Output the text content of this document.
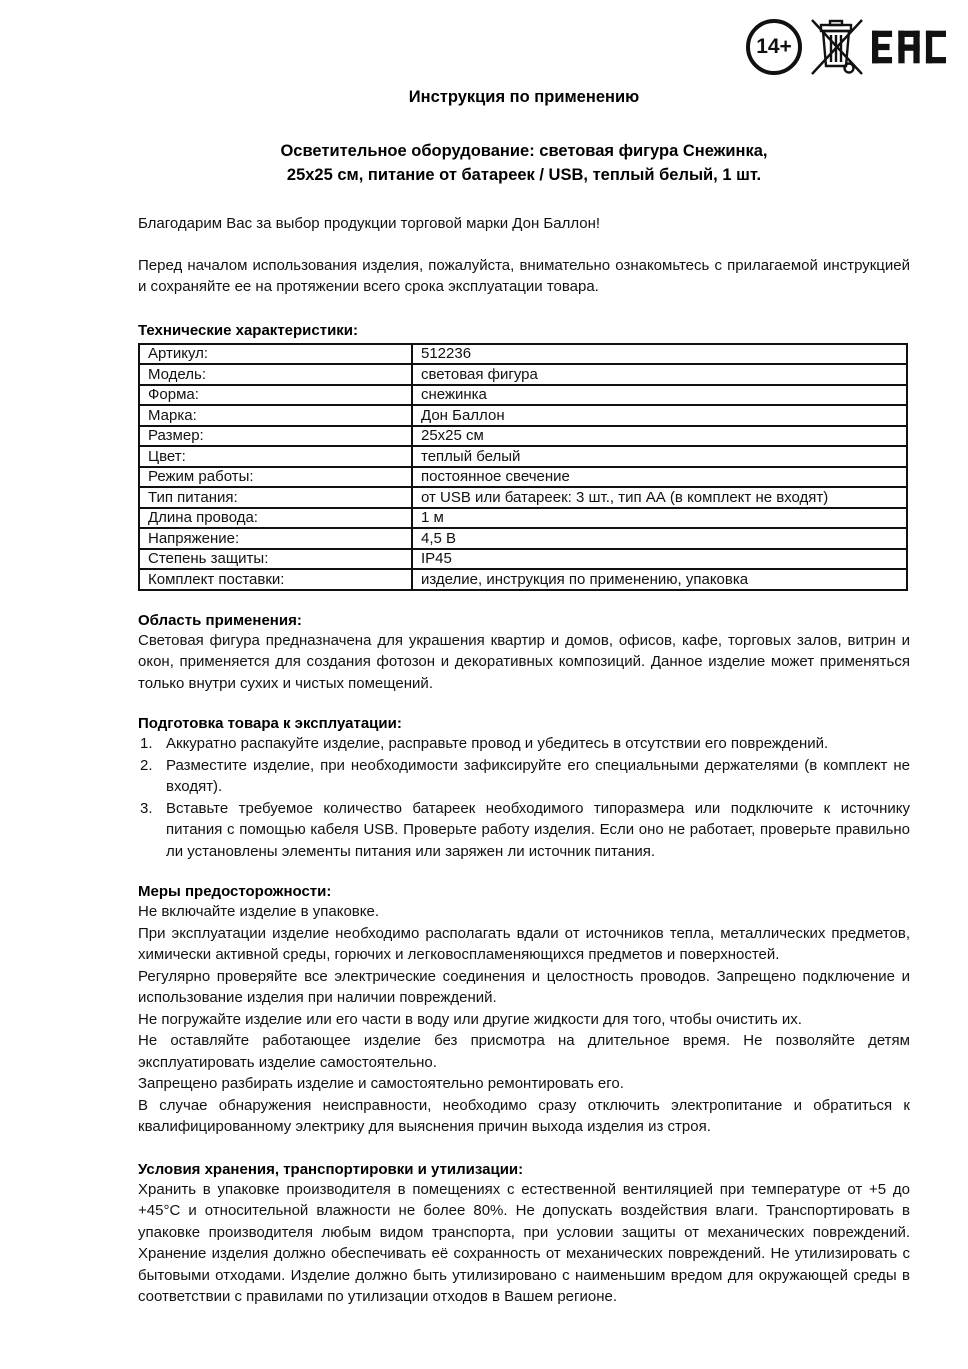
14+
Инструкция по применению
Осветительное оборудование: световая фигура Снежинка,
25х25 см, питание от батареек / USB, теплый белый, 1 шт.

Благодарим Вас за выбор продукции торговой марки Дон Баллон!

Перед началом использования изделия, пожалуйста, внимательно ознакомьтесь с прилагаемой инструкцией и сохраняйте ее на протяжении всего срока эксплуатации товара.

Технические характеристики:
Артикул:	512236
Модель:	световая фигура
Форма:	снежинка
Марка:	Дон Баллон
Размер:	25х25 см
Цвет:	теплый белый
Режим работы:	постоянное свечение
Тип питания:	от USB или батареек: 3 шт., тип АА (в комплект не входят)
Длина провода:	1 м
Напряжение:	4,5 В
Степень защиты:	IP45
Комплект поставки:	изделие, инструкция по применению, упаковка
Область применения:

Световая фигура предназначена для украшения квартир и домов, офисов, кафе, торговых залов, витрин и окон, применяется для создания фотозон и декоративных композиций. Данное изделие может применяться только внутри сухих и чистых помещений.

Подготовка товара к эксплуатации:
Аккуратно распакуйте изделие, расправьте провод и убедитесь в отсутствии его повреждений.
Разместите изделие, при необходимости зафиксируйте его специальными держателями (в комплект не входят).
Вставьте требуемое количество батареек необходимого типоразмера или подключите к источнику питания с помощью кабеля USB. Проверьте работу изделия. Если оно не работает, проверьте правильно ли установлены элементы питания или заряжен ли источник питания.
Меры предосторожности:

Не включайте изделие в упаковке.

При эксплуатации изделие необходимо располагать вдали от источников тепла, металлических предметов, химически активной среды, горючих и легковоспламеняющихся предметов и поверхностей.

Регулярно проверяйте все электрические соединения и целостность проводов. Запрещено подключение и использование изделия при наличии повреждений.

Не погружайте изделие или его части в воду или другие жидкости для того, чтобы очистить их.

Не оставляйте работающее изделие без присмотра на длительное время. Не позволяйте детям эксплуатировать изделие самостоятельно.

Запрещено разбирать изделие и самостоятельно ремонтировать его.

В случае обнаружения неисправности, необходимо сразу отключить электропитание и обратиться к квалифицированному электрику для выяснения причин выхода изделия из строя.

Условия хранения, транспортировки и утилизации:

Хранить в упаковке производителя в помещениях с естественной вентиляцией при температуре от +5 до +45°С и относительной влажности не более 80%. Не допускать воздействия влаги. Транспортировать в упаковке производителя любым видом транспорта, при условии защиты от механических повреждений. Хранение изделия должно обеспечивать её сохранность от механических повреждений. Не утилизировать с бытовыми отходами. Изделие должно быть утилизировано с наименьшим вредом для окружающей среды в соответствии с правилами по утилизации отходов в Вашем регионе.
